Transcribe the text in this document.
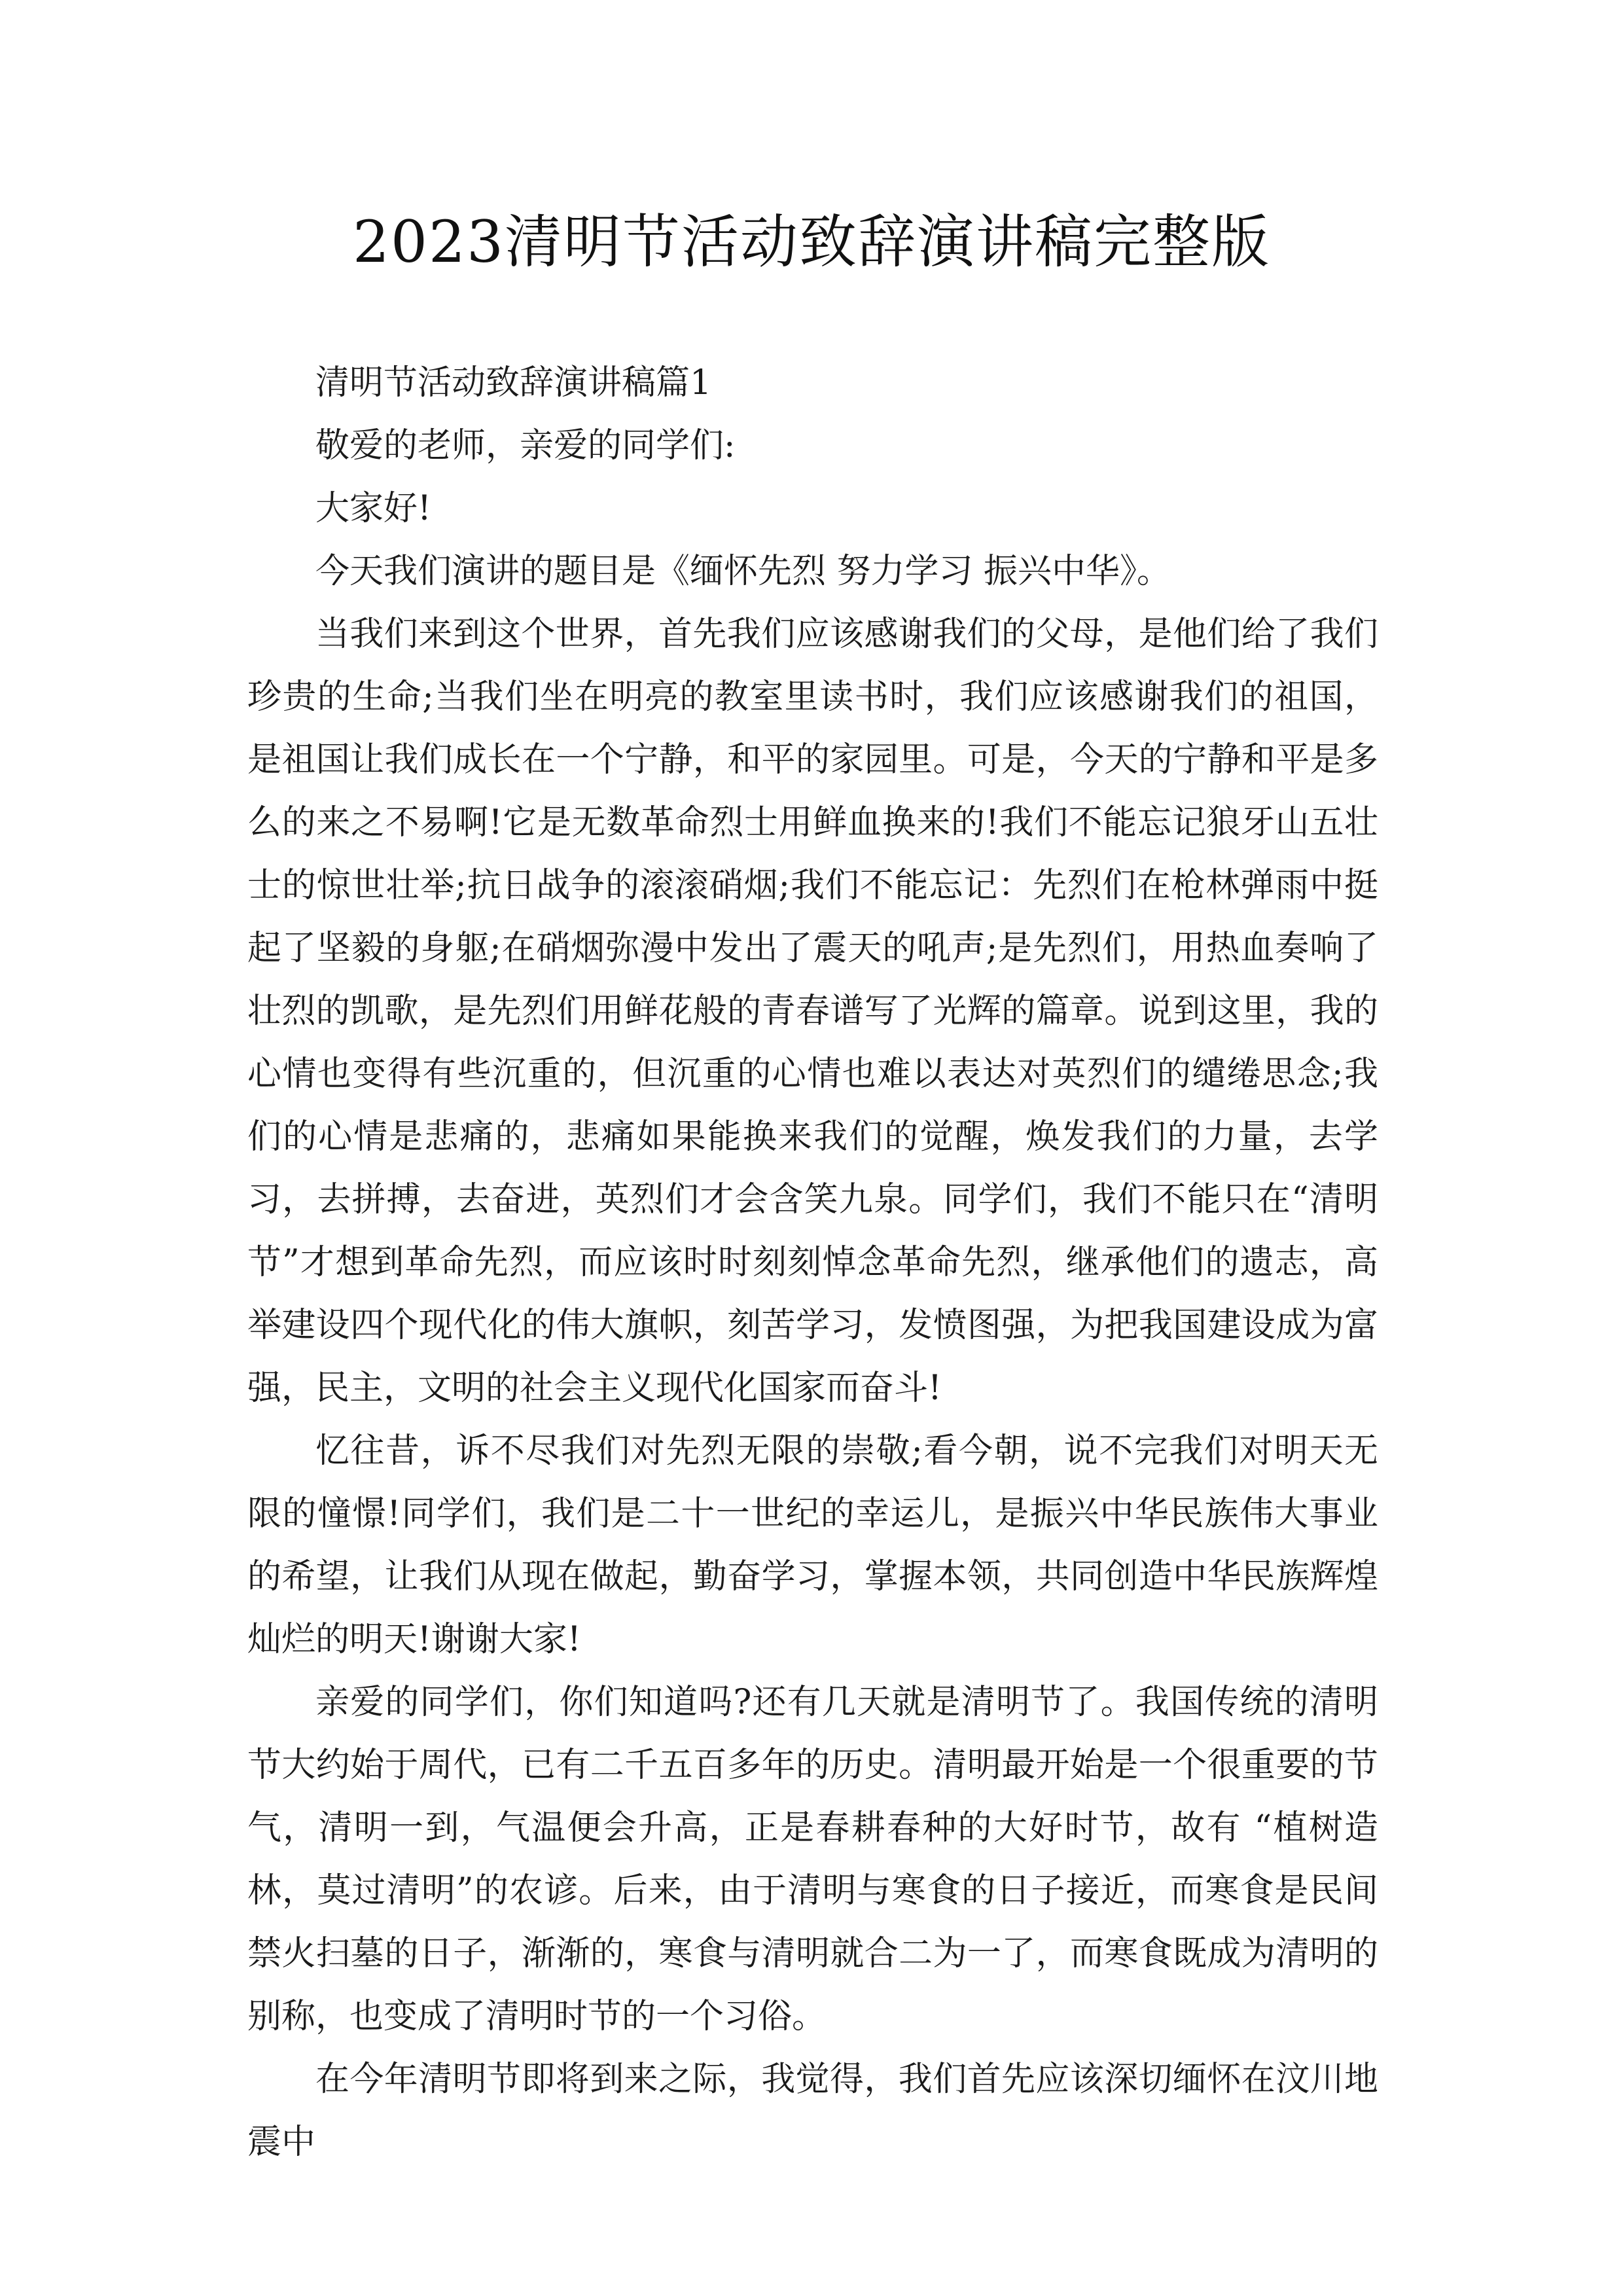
2023清明节活动致辞演讲稿完整版

清明节活动致辞演讲稿篇1

敬爱的老师，亲爱的同学们:

大家好!

今天我们演讲的题目是《缅怀先烈 努力学习 振兴中华》。

当我们来到这个世界，首先我们应该感谢我们的父母，是他们给了我们珍贵的生命;当我们坐在明亮的教室里读书时，我们应该感谢我们的祖国，是祖国让我们成长在一个宁静，和平的家园里。可是，今天的宁静和平是多么的来之不易啊!它是无数革命烈士用鲜血换来的!我们不能忘记狼牙山五壮士的惊世壮举;抗日战争的滚滚硝烟;我们不能忘记：先烈们在枪林弹雨中挺起了坚毅的身躯;在硝烟弥漫中发出了震天的吼声;是先烈们，用热血奏响了壮烈的凯歌，是先烈们用鲜花般的青春谱写了光辉的篇章。说到这里，我的心情也变得有些沉重的，但沉重的心情也难以表达对英烈们的缱绻思念;我们的心情是悲痛的，悲痛如果能换来我们的觉醒，焕发我们的力量，去学习，去拼搏，去奋进，英烈们才会含笑九泉。同学们，我们不能只在“清明节”才想到革命先烈，而应该时时刻刻悼念革命先烈，继承他们的遗志，高举建设四个现代化的伟大旗帜，刻苦学习，发愤图强，为把我国建设成为富强，民主，文明的社会主义现代化国家而奋斗!

忆往昔，诉不尽我们对先烈无限的崇敬;看今朝，说不完我们对明天无限的憧憬!同学们，我们是二十一世纪的幸运儿，是振兴中华民族伟大事业的希望，让我们从现在做起，勤奋学习，掌握本领，共同创造中华民族辉煌灿烂的明天!谢谢大家!

亲爱的同学们，你们知道吗?还有几天就是清明节了。我国传统的清明节大约始于周代，已有二千五百多年的历史。清明最开始是一个很重要的节气，清明一到，气温便会升高，正是春耕春种的大好时节，故有 “植树造林，莫过清明”的农谚。后来，由于清明与寒食的日子接近，而寒食是民间禁火扫墓的日子，渐渐的，寒食与清明就合二为一了，而寒食既成为清明的别称，也变成了清明时节的一个习俗。

在今年清明节即将到来之际，我觉得，我们首先应该深切缅怀在汶川地震中
